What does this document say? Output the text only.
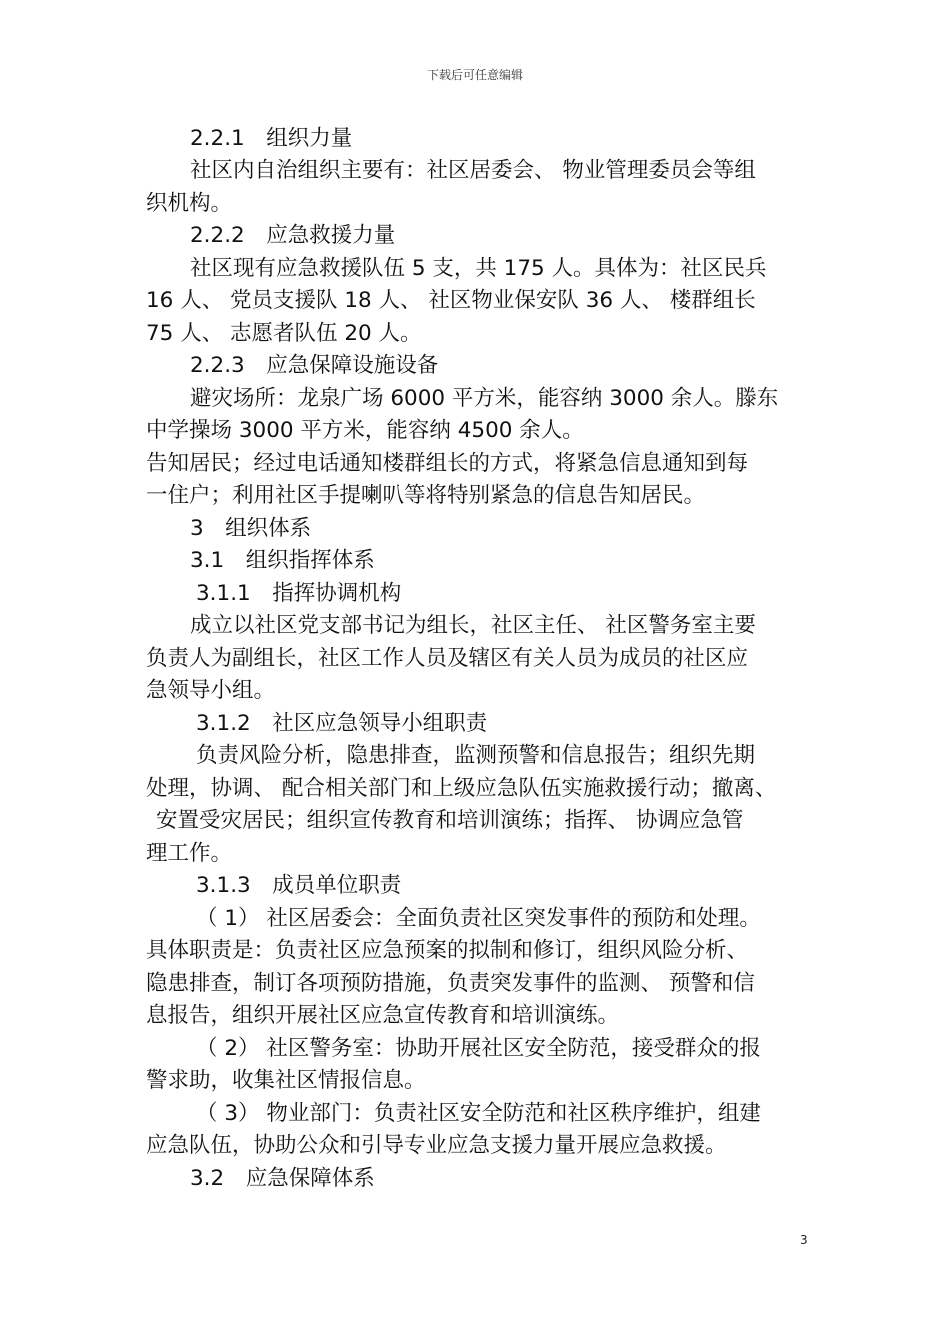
下载后可任意编辑
2.2.1　组织力量
社区内自治组织主要有：社区居委会、 物业管理委员会等组
织机构。
2.2.2　应急救援力量
社区现有应急救援队伍 5 支，共 175 人。具体为：社区民兵
16 人、 党员支援队 18 人、 社区物业保安队 36 人、 楼群组长
75 人、 志愿者队伍 20 人。
2.2.3　应急保障设施设备
避灾场所：龙泉广场 6000 平方米，能容纳 3000 余人。滕东
中学操场 3000 平方米，能容纳 4500 余人。
告知居民；经过电话通知楼群组长的方式，将紧急信息通知到每
一住户；利用社区手提喇叭等将特别紧急的信息告知居民。
3　组织体系
3.1　组织指挥体系
3.1.1　指挥协调机构
成立以社区党支部书记为组长，社区主任、 社区警务室主要
负责人为副组长，社区工作人员及辖区有关人员为成员的社区应
急领导小组。
3.1.2　社区应急领导小组职责
负责风险分析，隐患排查，监测预警和信息报告；组织先期
处理，协调、 配合相关部门和上级应急队伍实施救援行动；撤离、
安置受灾居民；组织宣传教育和培训演练；指挥、 协调应急管
理工作。
3.1.3　成员单位职责
（ 1） 社区居委会：全面负责社区突发事件的预防和处理。
具体职责是：负责社区应急预案的拟制和修订，组织风险分析、
隐患排查，制订各项预防措施，负责突发事件的监测、 预警和信
息报告，组织开展社区应急宣传教育和培训演练。
（ 2） 社区警务室：协助开展社区安全防范，接受群众的报
警求助，收集社区情报信息。
（ 3） 物业部门：负责社区安全防范和社区秩序维护，组建
应急队伍，协助公众和引导专业应急支援力量开展应急救援。
3.2　应急保障体系
3
